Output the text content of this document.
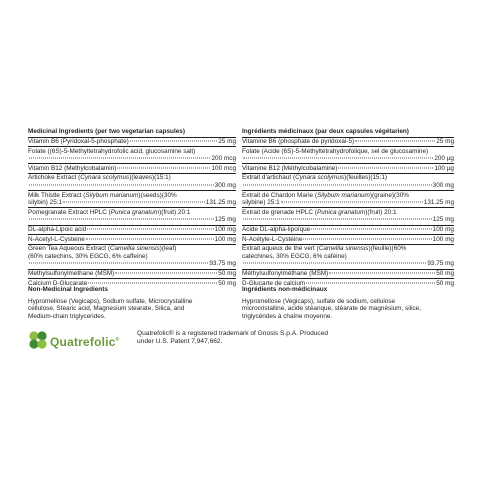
Medicinal Ingredients (per two vegetarian capsules)
Vitamin B6 (Pyridoxal-5-phosphate)	25 mg
Folate ((6S)-5-Methyltetrahydrofolic acid, glucosamine salt)
200 mcg
Vitamin B12 (Methylcobalamin)	100 mcg
Artichoke Extract (Cynara scolymus)(leaves)(15:1)
300 mg
Milk Thistle Extract (Silybum marianum)(seeds)(30%
silybin) 25:1	131.25 mg
Pomegranate Extract HPLC (Punica granatum)(fruit) 20:1
125 mg
DL-alpha-Lipoic acid	100 mg
N-Acetyl-L-Cysteine	100 mg
Green Tea Aqueous Extract (Camellia sinensis)(leaf)
(60% catechins, 30% EGCG, 6% caffeine)
93.75 mg
Methylsulfonylmethane (MSM)	50 mg
Calcium D-Glucarate	50 mg
Ingrédients médicinaux (par deux capsules végétarien)
Vitamine B6 (phosphate de pyridoxal-5)	25 mg
Folate (Acide (6S)-5-Méthyltétrahydrofolique, sel de glucosamine)
200 µg
Vitamine B12 (Méthylcobalamine)	100 µg
Extrait d'artichaut (Cynara scolymus)(feuilles)(15:1)
300 mg
Extrait de Chardon Marie (Silybum marianum)(graine)(30%
silybine) 25:1	131.25 mg
Extrait de grenade HPLC (Punica granatum)(fruit) 20:1
125 mg
Acide DL-alpha-lipoïque	100 mg
N-Acétyle-L-Cystéine	100 mg
Extrait aqueux de thé vert (Camellia sinensis)(feuille)(60%
catéchines, 30% EGCG, 6% caféine)
93.75 mg
Méthylsulfonylméthane (MSM)	50 mg
D-Glucarte de calcium	50 mg
Non-Medicinal Ingredients
Hypromellose (Vegicaps), Sodium sulfate, Microcrystalline
cellulose, Stearic acid, Magnesium stearate, Silica, and
Medium-chain triglycerides.
Ingrédients non-médicinaux
Hypromellose (Vegicaps), sulfate de sodium, cellulose
microcristalline, acide stéarique, stéarate de magnésium, silice,
triglycérides à chaîne moyenne.
Quatrefolic®
Quatrefolic® is a registered trademark of Gnosis S.p.A. Produced
under U.S. Patent 7,947,662.
